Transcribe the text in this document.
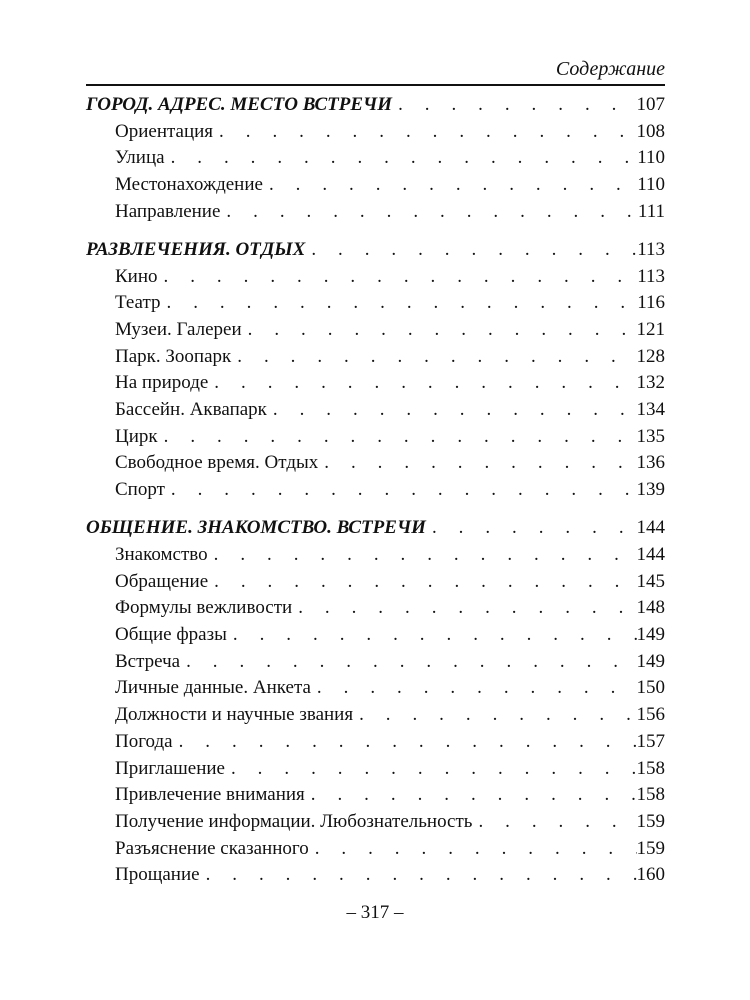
Содержание
ГОРОД. АДРЕС. МЕСТО ВСТРЕЧИ . . .	107
Ориентация . . .	108
Улица . . .	110
Местонахождение . . .	110
Направление . . .	111
РАЗВЛЕЧЕНИЯ. ОТДЫХ . . .	113
Кино . . .	113
Театр . . .	116
Музеи. Галереи . . .	121
Парк. Зоопарк . . .	128
На природе . . .	132
Бассейн. Аквапарк . . .	134
Цирк . . .	135
Свободное время. Отдых . . .	136
Спорт . . .	139
ОБЩЕНИЕ. ЗНАКОМСТВО. ВСТРЕЧИ . . .	144
Знакомство . . .	144
Обращение . . .	145
Формулы вежливости . . .	148
Общие фразы . . .	149
Встреча . . .	149
Личные данные. Анкета . . .	150
Должности и научные звания . . .	156
Погода . . .	157
Приглашение . . .	158
Привлечение внимания . . .	158
Получение информации. Любознательность . . .	159
Разъяснение сказанного . . .	159
Прощание . . .	160
– 317 –
